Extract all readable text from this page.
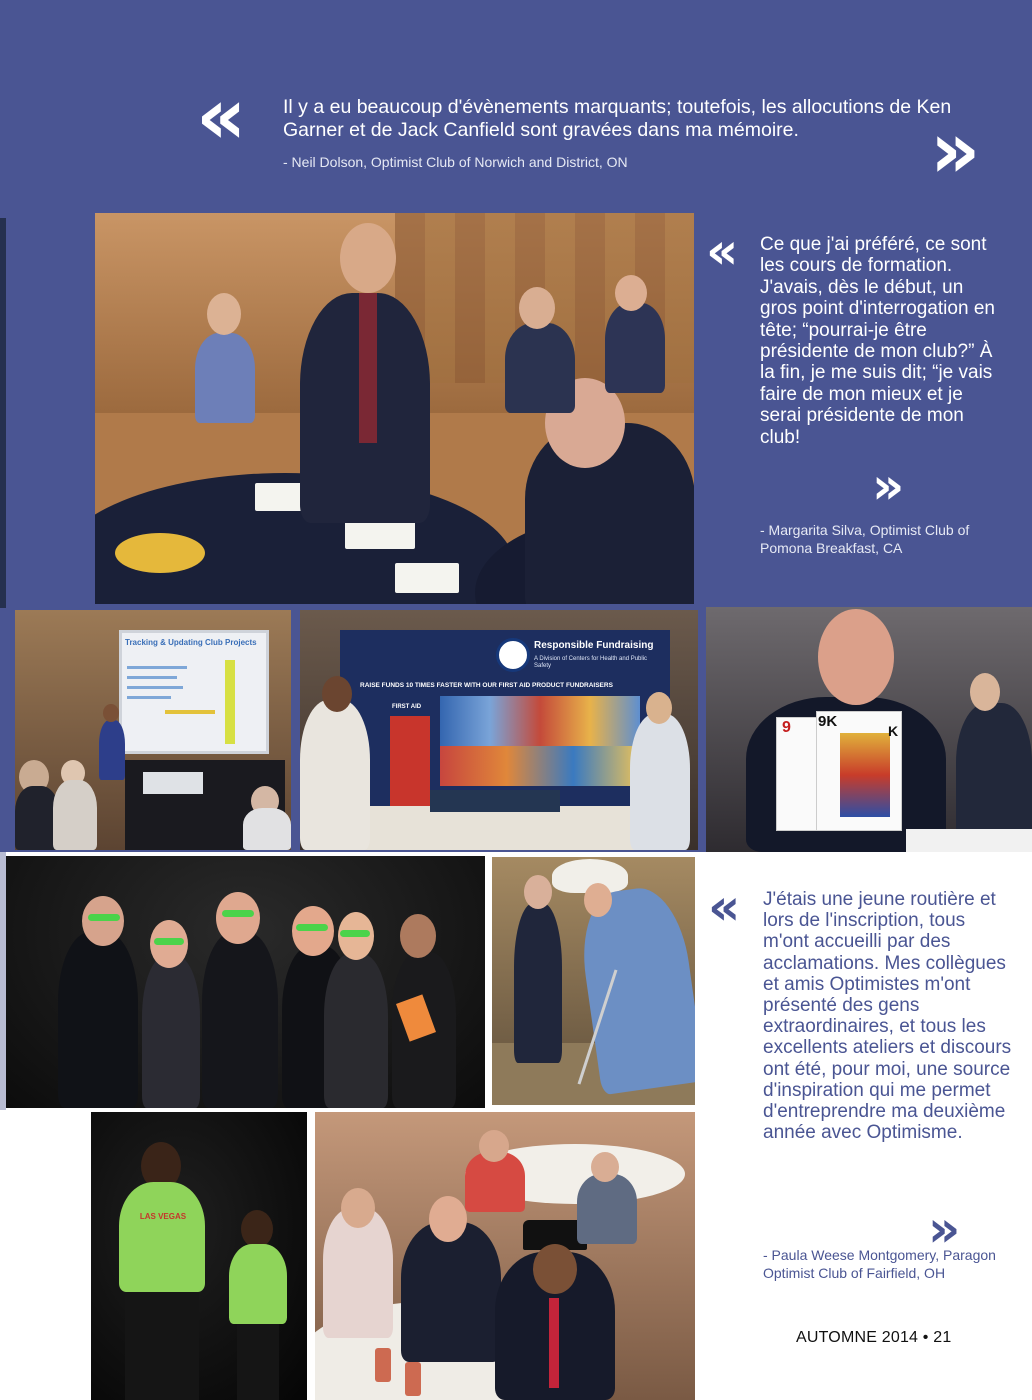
« Il y a eu beaucoup d'évènements marquants; toutefois, les allocutions de Ken Garner et de Jack Canfield sont gravées dans ma mémoire.
- Neil Dolson, Optimist Club of Norwich and District, ON	»
« Ce que j'ai préféré, ce sont les cours de formation. J'avais, dès le début, un gros point d'interrogation en tête; “pourrai-je être présidente de mon club?” À la fin, je me suis dit; “je vais faire de mon mieux et je serai présidente de mon club!
»
- Margarita Silva, Optimist Club of Pomona Breakfast, CA
Tracking & Updating Club Projects	Responsible Fundraising
A Division of Centers for Health and Public Safety
RAISE FUNDS 10 TIMES FASTER WITH OUR FIRST AID PRODUCT FUNDRAISERS
FIRST AID
9 9K
K
« J'étais une jeune routière et lors de l'inscription, tous m'ont accueilli par des acclamations. Mes collègues et amis Optimistes m'ont présenté des gens extraordinaires, et tous les excellents ateliers et discours ont été, pour moi, une source d'inspiration qui me permet d'entreprendre ma deuxième année avec Optimisme.
»
- Paula Weese Montgomery, Paragon Optimist Club of Fairfield, OH
LAS VEGAS
AUTOMNE 2014 • 21
